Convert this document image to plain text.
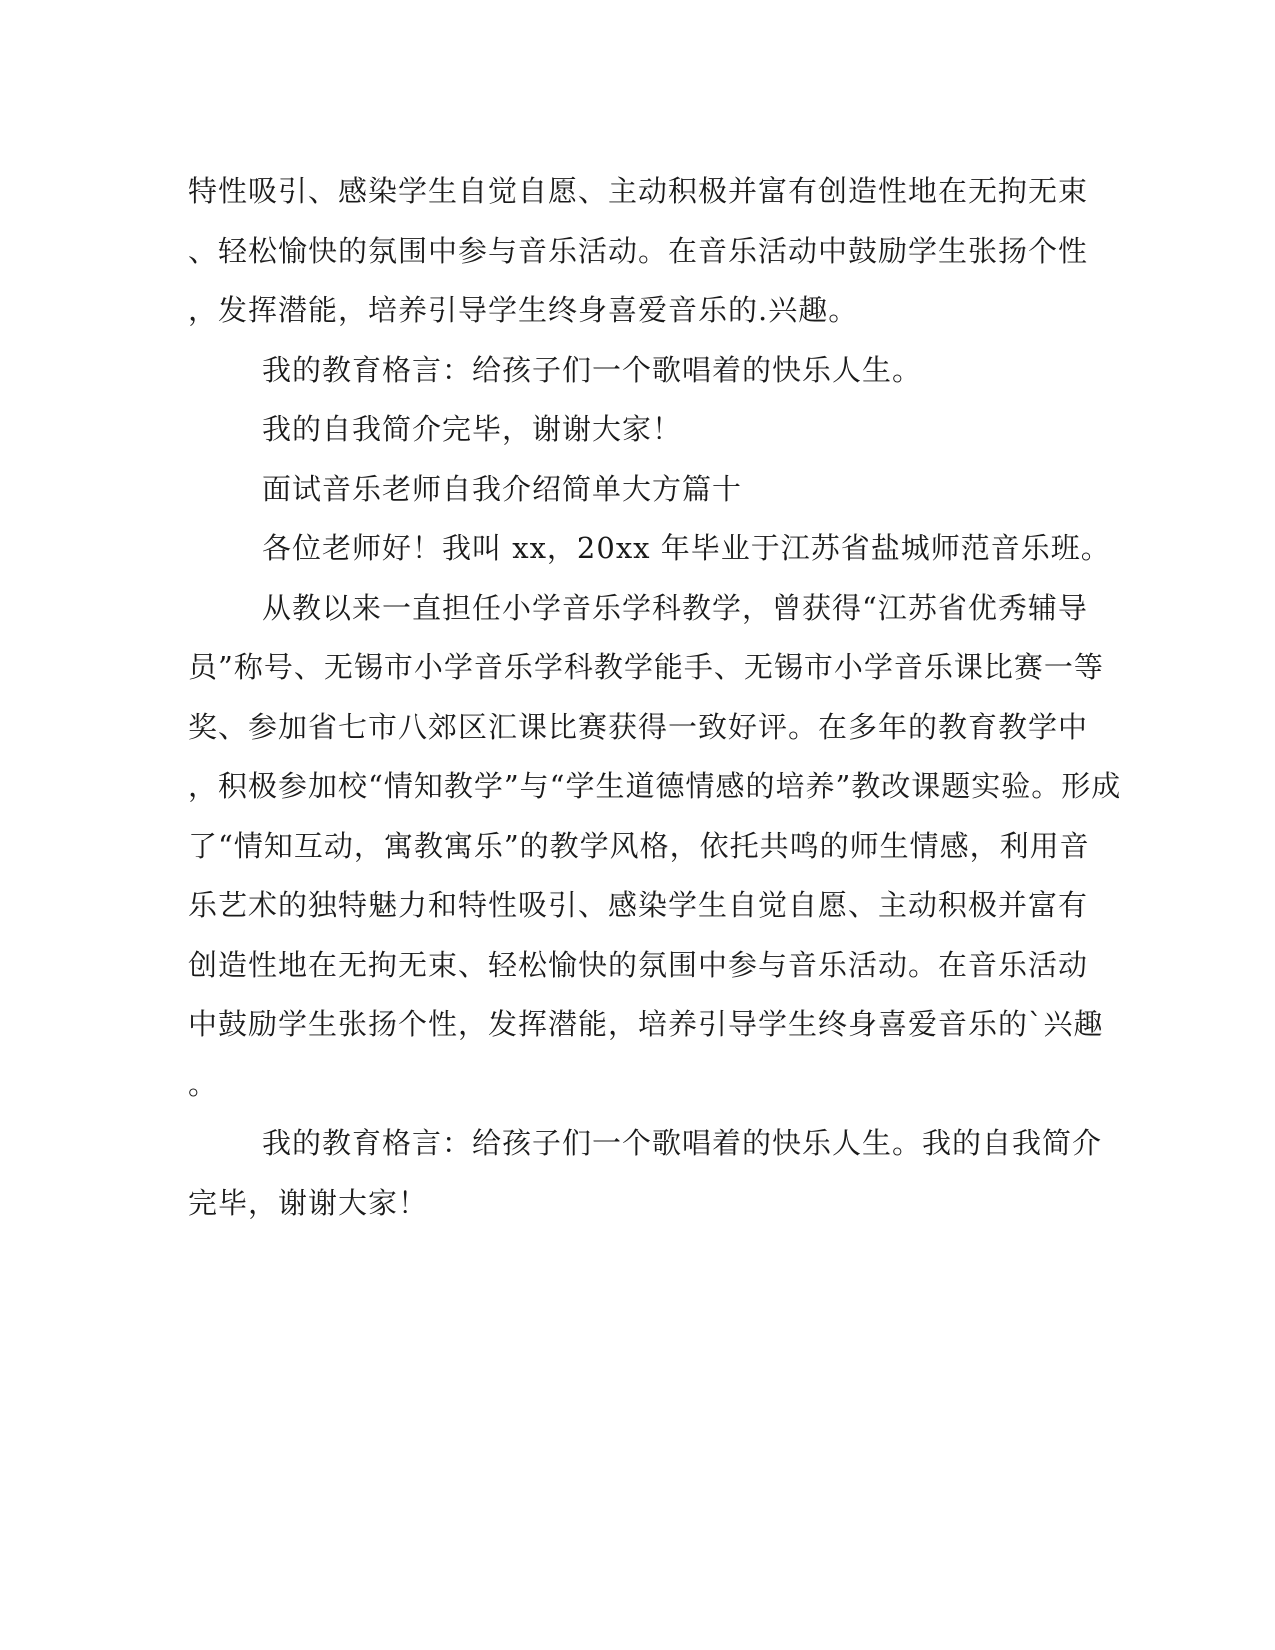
特性吸引、感染学生自觉自愿、主动积极并富有创造性地在无拘无束
、轻松愉快的氛围中参与音乐活动。在音乐活动中鼓励学生张扬个性
，发挥潜能，培养引导学生终身喜爱音乐的.兴趣。
我的教育格言：给孩子们一个歌唱着的快乐人生。
我的自我简介完毕，谢谢大家！
面试音乐老师自我介绍简单大方篇十
各位老师好！我叫 xx，20xx 年毕业于江苏省盐城师范音乐班。
从教以来一直担任小学音乐学科教学，曾获得“江苏省优秀辅导
员”称号、无锡市小学音乐学科教学能手、无锡市小学音乐课比赛一等
奖、参加省七市八郊区汇课比赛获得一致好评。在多年的教育教学中
，积极参加校“情知教学”与“学生道德情感的培养”教改课题实验。形成
了“情知互动，寓教寓乐”的教学风格，依托共鸣的师生情感，利用音
乐艺术的独特魅力和特性吸引、感染学生自觉自愿、主动积极并富有
创造性地在无拘无束、轻松愉快的氛围中参与音乐活动。在音乐活动
中鼓励学生张扬个性，发挥潜能，培养引导学生终身喜爱音乐的`兴趣
。
我的教育格言：给孩子们一个歌唱着的快乐人生。我的自我简介
完毕，谢谢大家！
